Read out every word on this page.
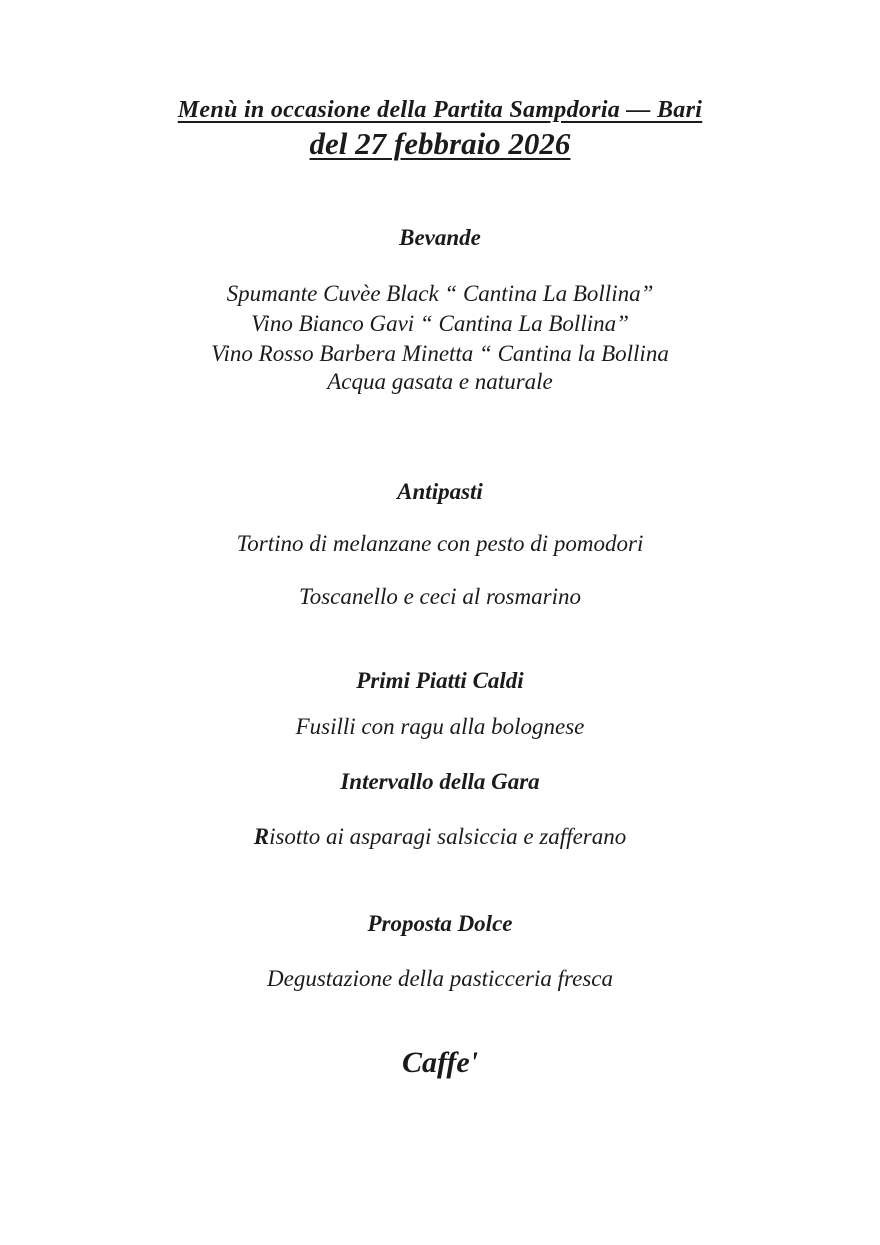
Menù in occasione della Partita Sampdoria — Bari
del 27 febbraio 2026
Bevande
Spumante Cuvèe Black “ Cantina La Bollina”
Vino Bianco Gavi “ Cantina La Bollina”
Vino Rosso Barbera Minetta “ Cantina la Bollina
Acqua gasata e naturale
Antipasti
Tortino di melanzane con pesto di pomodori
Toscanello e ceci al rosmarino
Primi Piatti Caldi
Fusilli con ragu alla bolognese
Intervallo della Gara
Risotto ai asparagi salsiccia e zafferano
Proposta Dolce
Degustazione della pasticceria fresca
Caffe'
